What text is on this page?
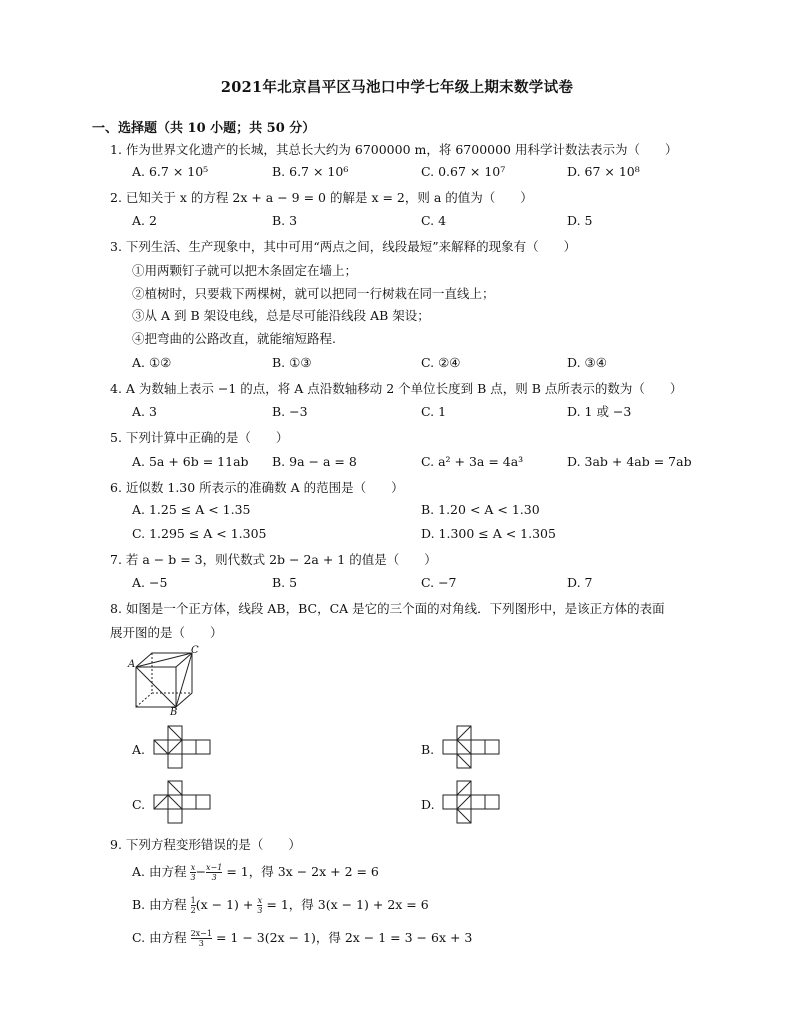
2021年北京昌平区马池口中学七年级上期末数学试卷
一、选择题（共 10 小题；共 50 分）
1. 作为世界文化遗产的长城，其总长大约为 6700000 m，将 6700000 用科学计数法表示为（　　）
A. 6.7 × 10⁵	B. 6.7 × 10⁶	C. 0.67 × 10⁷	D. 67 × 10⁸
2. 已知关于 x 的方程 2x + a − 9 = 0 的解是 x = 2，则 a 的值为（　　）
A. 2	B. 3	C. 4	D. 5
3. 下列生活、生产现象中，其中可用“两点之间，线段最短”来解释的现象有（　　）
①用两颗钉子就可以把木条固定在墙上；
②植树时，只要栽下两棵树，就可以把同一行树栽在同一直线上；
③从 A 到 B 架设电线，总是尽可能沿线段 AB 架设；
④把弯曲的公路改直，就能缩短路程.
A. ①②	B. ①③	C. ②④	D. ③④
4. A 为数轴上表示 −1 的点，将 A 点沿数轴移动 2 个单位长度到 B 点，则 B 点所表示的数为（　　）
A. 3	B. −3	C. 1	D. 1 或 −3
5. 下列计算中正确的是（　　）
A. 5a + 6b = 11ab B. 9a − a = 8	C. a² + 3a = 4a³	D. 3ab + 4ab = 7ab
6. 近似数 1.30 所表示的准确数 A 的范围是（　　）
A. 1.25 ≤ A < 1.35	B. 1.20 < A < 1.30
C. 1.295 ≤ A < 1.305	D. 1.300 ≤ A < 1.305
7. 若 a − b = 3，则代数式 2b − 2a + 1 的值是（　　）
A. −5	B. 5	C. −7	D. 7
8. 如图是一个正方体，线段 AB，BC，CA 是它的三个面的对角线．下列图形中，是该正方体的表面
展开图的是（　　）
A
B
C
A.	B.
C.	D.
9. 下列方程变形错误的是（　　）
A. 由方程 $\frac{x}{3} - \frac{x-1}{3} = 1$，得 3x − 2x + 2 = 6
B. 由方程 $\frac{1}{2} (x - 1) + \frac{x}{3} = 1$，得 3(x − 1) + 2x = 6
C. 由方程 $\frac{2x-1}{3} = 1 - 3(2x - 1)$，得 2x − 1 = 3 − 6x + 3
